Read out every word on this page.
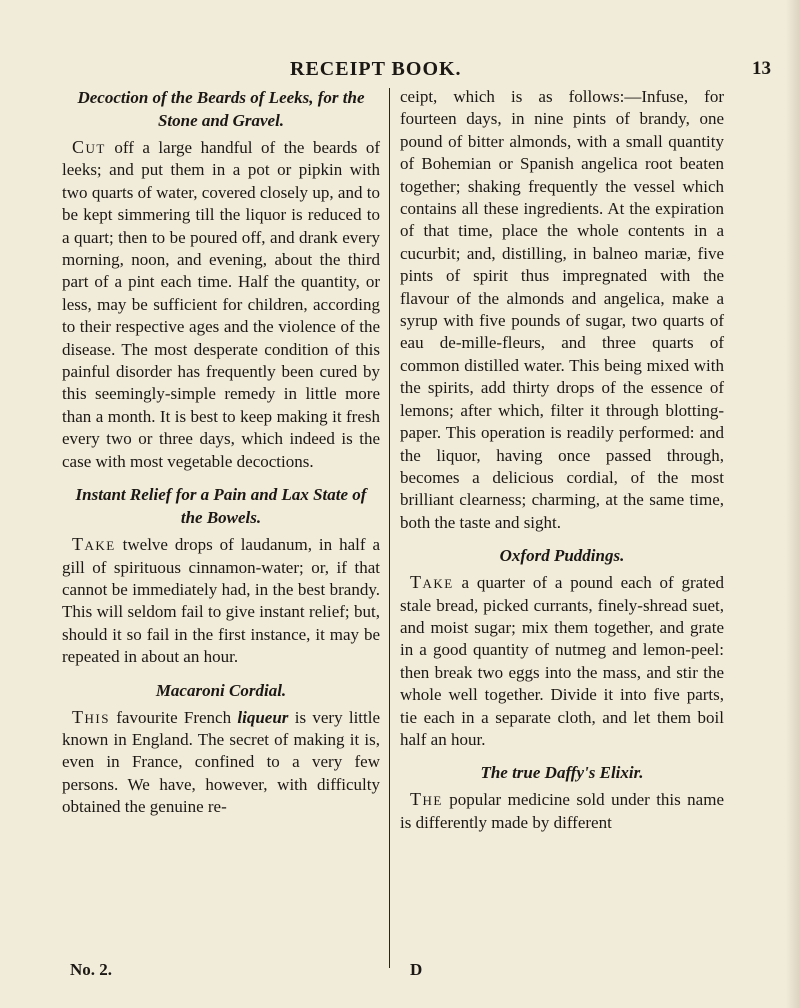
RECEIPT BOOK.	13
Decoction of the Beards of Leeks, for the
Stone and Gravel.

Cut off a large handful of the beards of leeks; and put them in a pot or pipkin with two quarts of water, covered closely up, and to be kept simmering till the liquor is reduced to a quart; then to be poured off, and drank every morning, noon, and evening, about the third part of a pint each time. Half the quantity, or less, may be sufficient for children, according to their respective ages and the violence of the disease. The most desperate condition of this painful disorder has frequently been cured by this seemingly-simple remedy in little more than a month. It is best to keep making it fresh every two or three days, which indeed is the case with most vegetable decoctions.

Instant Relief for a Pain and Lax State of
the Bowels.

Take twelve drops of laudanum, in half a gill of spirituous cinnamon-water; or, if that cannot be immediately had, in the best brandy. This will seldom fail to give instant relief; but, should it so fail in the first instance, it may be repeated in about an hour.

Macaroni Cordial.

This favourite French liqueur is very little known in England. The secret of making it is, even in France, confined to a very few persons. We have, however, with difficulty obtained the genuine re-

ceipt, which is as follows:—Infuse, for fourteen days, in nine pints of brandy, one pound of bitter almonds, with a small quantity of Bohemian or Spanish angelica root beaten together; shaking frequently the vessel which contains all these ingredients. At the expiration of that time, place the whole contents in a cucurbit; and, distilling, in balneo mariæ, five pints of spirit thus impregnated with the flavour of the almonds and angelica, make a syrup with five pounds of sugar, two quarts of eau de-mille-fleurs, and three quarts of common distilled water. This being mixed with the spirits, add thirty drops of the essence of lemons; after which, filter it through blotting-paper. This operation is readily performed: and the liquor, having once passed through, becomes a delicious cordial, of the most brilliant clearness; charming, at the same time, both the taste and sight.

Oxford Puddings.

Take a quarter of a pound each of grated stale bread, picked currants, finely-shread suet, and moist sugar; mix them together, and grate in a good quantity of nutmeg and lemon-peel: then break two eggs into the mass, and stir the whole well together. Divide it into five parts, tie each in a separate cloth, and let them boil half an hour.

The true Daffy's Elixir.

The popular medicine sold under this name is differently made by different

No. 2.	D
